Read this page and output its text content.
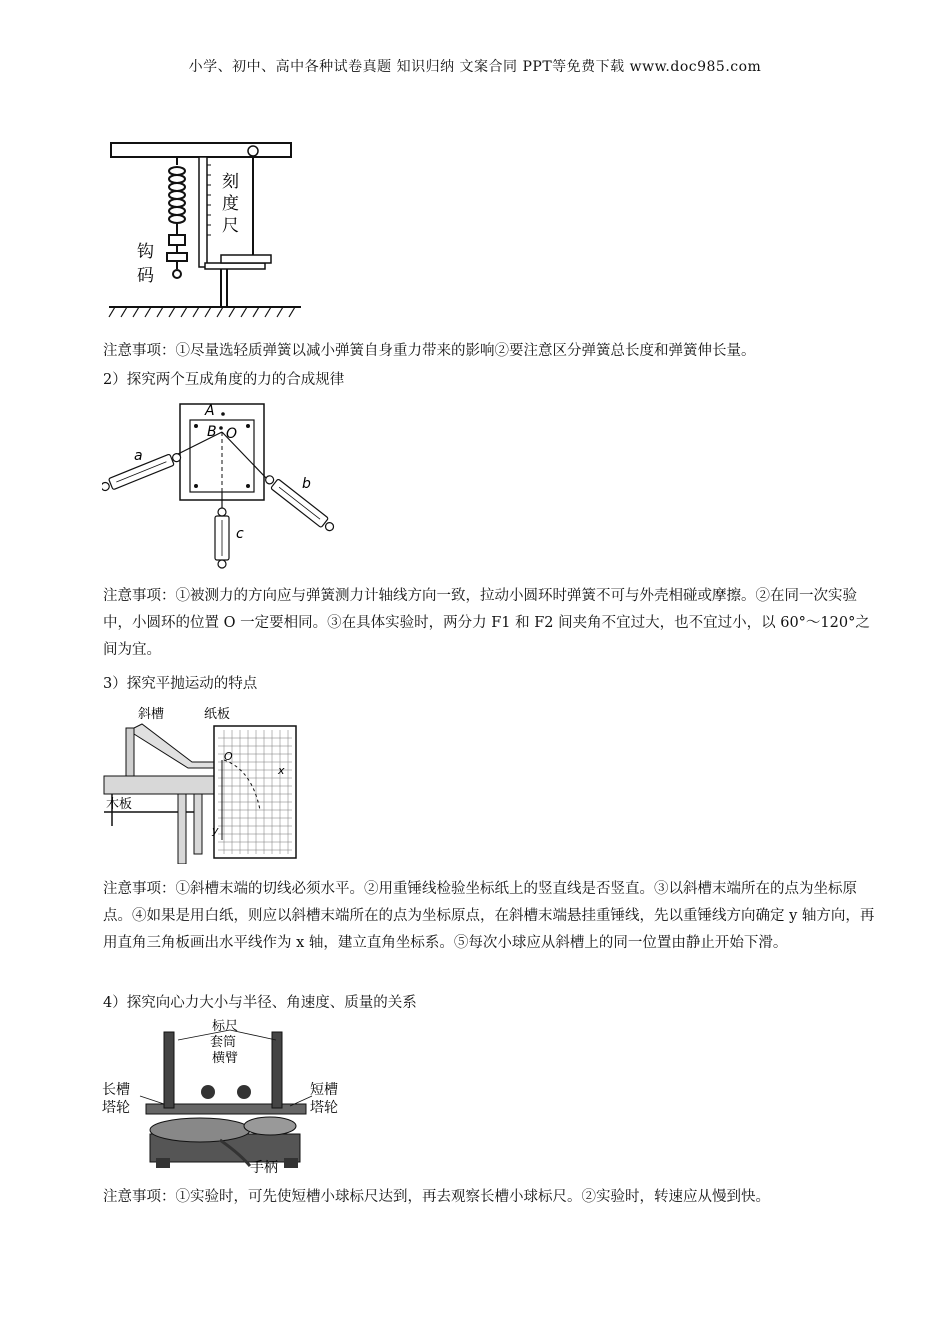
小学、初中、高中各种试卷真题 知识归纳 文案合同 PPT等免费下载 www.doc985.com
刻
度
尺
钩
码
注意事项：①尽量选轻质弹簧以减小弹簧自身重力带来的影响②要注意区分弹簧总长度和弹簧伸长量。
2）探究两个互成角度的力的合成规律
A
B O
a
b
c
注意事项：①被测力的方向应与弹簧测力计轴线方向一致，拉动小圆环时弹簧不可与外壳相碰或摩擦。②在同一次实验中，小圆环的位置 O 一定要相同。③在具体实验时，两分力 F1 和 F2 间夹角不宜过大，也不宜过小，以 60°～120°之间为宜。
3）探究平抛运动的特点
斜槽	纸板
木板
O
x
y
注意事项：①斜槽末端的切线必须水平。②用重锤线检验坐标纸上的竖直线是否竖直。③以斜槽末端所在的点为坐标原点。④如果是用白纸，则应以斜槽末端所在的点为坐标原点，在斜槽末端悬挂重锤线，先以重锤线方向确定 y 轴方向，再用直角三角板画出水平线作为 x 轴，建立直角坐标系。⑤每次小球应从斜槽上的同一位置由静止开始下滑。
4）探究向心力大小与半径、角速度、质量的关系
标尺
套筒
横臂
长槽
塔轮
短槽
塔轮
手柄
注意事项：①实验时，可先使短槽小球标尺达到，再去观察长槽小球标尺。②实验时，转速应从慢到快。
